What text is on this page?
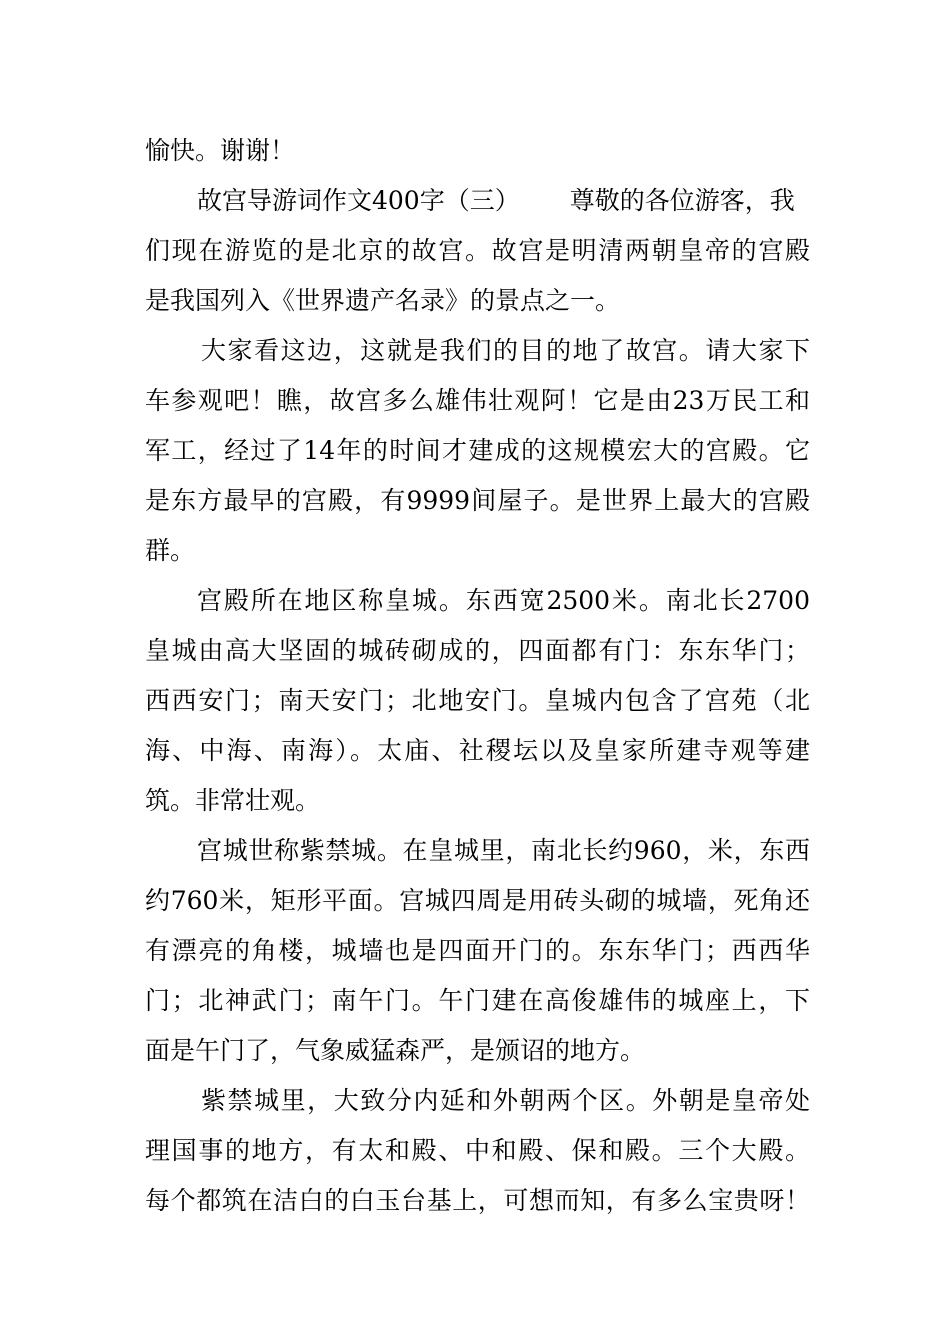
愉快。谢谢！
故宫导游词作文400字（三） 尊敬的各位游客，我
们现在游览的是北京的故宫。故宫是明清两朝皇帝的宫殿
是我国列入《世界遗产名录》的景点之一。
大家看这边，这就是我们的目的地了故宫。请大家下
车参观吧！瞧，故宫多么雄伟壮观阿！它是由23万民工和
军工，经过了14年的时间才建成的这规模宏大的宫殿。它
是东方最早的宫殿，有9999间屋子。是世界上最大的宫殿
群。
宫殿所在地区称皇城。东西宽2500米。南北长2700
皇城由高大坚固的城砖砌成的，四面都有门：东东华门；
西西安门；南天安门；北地安门。皇城内包含了宫苑（北
海、中海、南海）。太庙、社稷坛以及皇家所建寺观等建
筑。非常壮观。
宫城世称紫禁城。在皇城里，南北长约960，米，东西
约760米，矩形平面。宫城四周是用砖头砌的城墙，死角还
有漂亮的角楼，城墙也是四面开门的。东东华门；西西华
门；北神武门；南午门。午门建在高俊雄伟的城座上，下
面是午门了，气象威猛森严，是颁诏的地方。
紫禁城里，大致分内延和外朝两个区。外朝是皇帝处
理国事的地方，有太和殿、中和殿、保和殿。三个大殿。
每个都筑在洁白的白玉台基上，可想而知，有多么宝贵呀！
